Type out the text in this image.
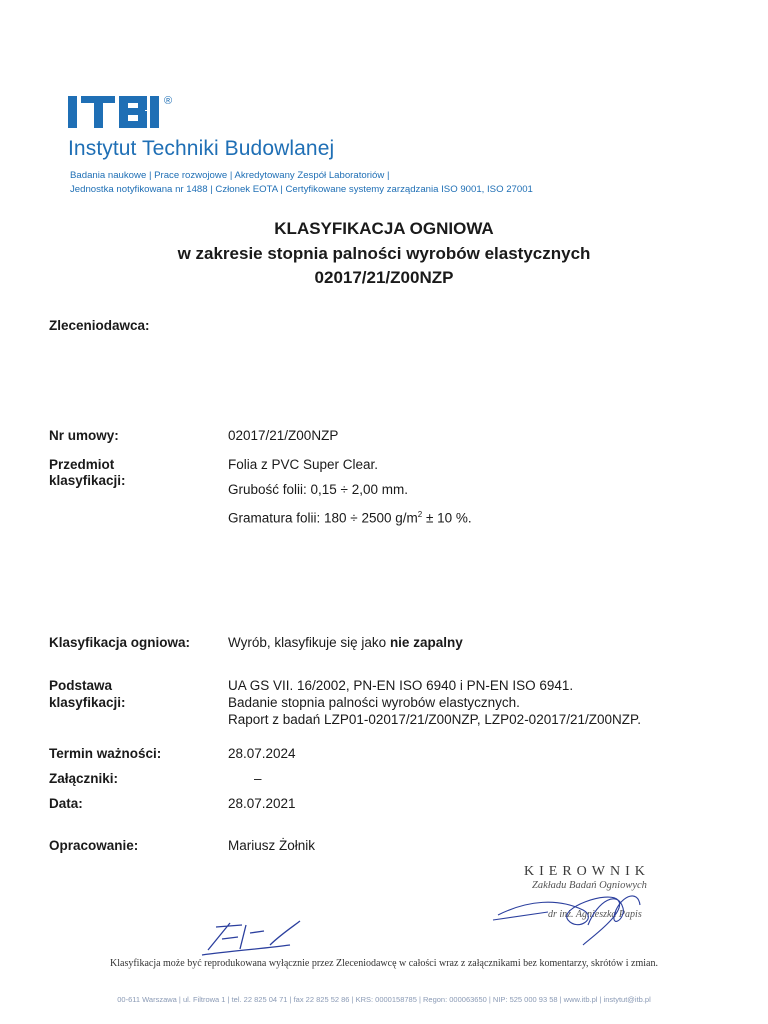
®
Instytut Techniki Budowlanej
Badania naukowe | Prace rozwojowe | Akredytowany Zespół Laboratoriów |
Jednostka notyfikowana nr 1488 | Członek EOTA | Certyfikowane systemy zarządzania ISO 9001, ISO 27001
KLASYFIKACJA OGNIOWA
w zakresie stopnia palności wyrobów elastycznych
02017/21/Z00NZP
Zleceniodawca:
Nr umowy:	02017/21/Z00NZP
Przedmiot
klasyfikacji:
Folia z PVC Super Clear.
Grubość folii: 0,15 ÷ 2,00 mm.
Gramatura folii: 180 ÷ 2500 $g/m^2 \pm 10$ %.
Klasyfikacja ogniowa:	Wyrób, klasyfikuje się jako nie zapalny
Podstawa
klasyfikacji:
UA GS VII. 16/2002, PN-EN ISO 6940 i PN-EN ISO 6941.
Badanie stopnia palności wyrobów elastycznych.
Raport z badań LZP01-02017/21/Z00NZP, LZP02-02017/21/Z00NZP.
Termin ważności:	28.07.2024
Załączniki:	–
Data:	28.07.2021
Opracowanie:	Mariusz Żołnik
KIEROWNIK
Zakładu Badań Ogniowych
dr inż. Agnieszka Papis
Klasyfikacja może być reprodukowana wyłącznie przez Zleceniodawcę w całości wraz z załącznikami bez komentarzy, skrótów i zmian.
00-611 Warszawa | ul. Filtrowa 1 | tel. 22 825 04 71 | fax 22 825 52 86 | KRS: 0000158785 | Regon: 000063650 | NIP: 525 000 93 58 | www.itb.pl | instytut@itb.pl
